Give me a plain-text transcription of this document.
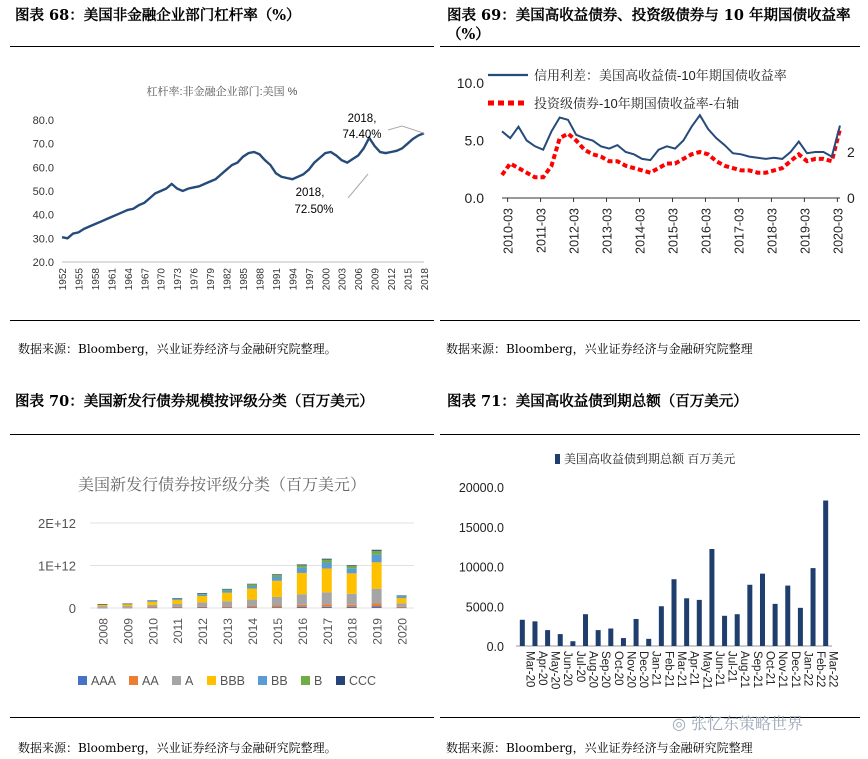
图表 68：美国非金融企业部门杠杆率（%）
杠杆率:非金融企业部门:美国 %
20.0
30.0
40.0
50.0
60.0
70.0
80.0
1952 1955 1958 1961 1964 1967 1970 1973 1976 1979 1982 1985 1988 1991 1994 1997 2000 2003 2006 2009 2012 2015 2018
2018,
72.50%
2018,
74.40%
数据来源：Bloomberg，兴业证券经济与金融研究院整理。
图表 69：美国高收益债券、投资级债券与 10 年期国债收益率（%）
0.0
5.0
10.0
0
2
2010-03 2011-03 2012-03 2013-03 2014-03 2015-03 2016-03 2017-03 2018-03 2019-03 2020-03
信用利差：美国高收益债-10年期国债收益率
投资级债券-10年期国债收益率-右轴
数据来源：Bloomberg，兴业证券经济与金融研究院整理
图表 70：美国新发行债券规模按评级分类（百万美元）
美国新发行债券按评级分类（百万美元）
0
1E+12
2E+12
2008 2009 2010 2011 2012 2013 2014 2015 2016 2017 2018 2019 2020
AAA AA A BBB BB B CCC
数据来源：Bloomberg，兴业证券经济与金融研究院整理。
图表 71：美国高收益债到期总额（百万美元）
美国高收益债到期总额 百万美元
0.0
5000.0
10000.0
15000.0
20000.0
Mar-20 Apr-20 May-20 Jun-20 Jul-20 Aug-20 Sep-20 Oct-20 Nov-20 Dec-20 Jan-21 Feb-21 Mar-21 Apr-21 May-21 Jun-21 Jul-21 Aug-21 Sep-21 Oct-21 Nov-21 Dec-21 Jan-22 Feb-22 Mar-22
数据来源：Bloomberg，兴业证券经济与金融研究院整理
◎ 张忆东策略世界
